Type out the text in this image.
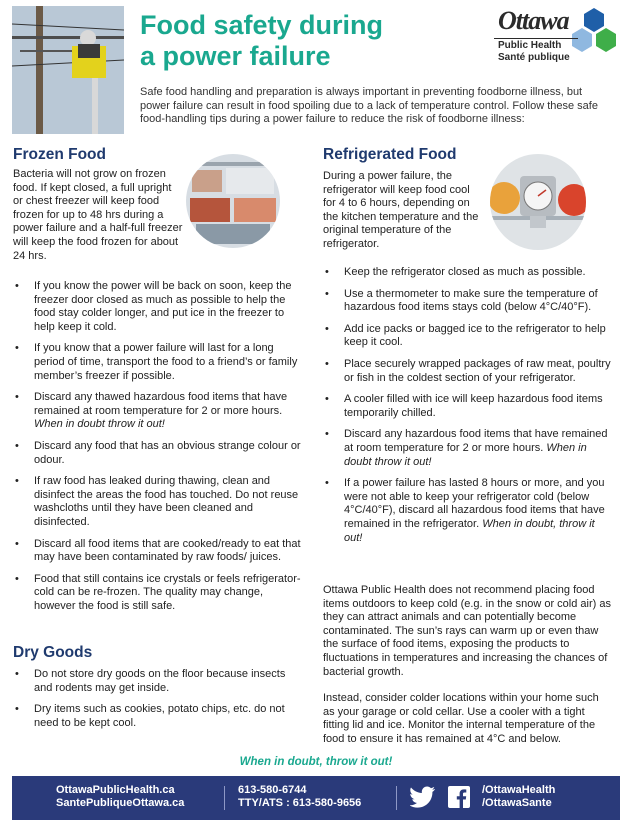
Food safety during
a power failure
Ottawa
Public Health
Santé publique
Safe food handling and preparation is always important in preventing foodborne illness, but power failure can result in food spoiling due to a lack of temperature control. Follow these safe food-handling tips during a power failure to reduce the risk of foodborne illness:
Frozen Food
Bacteria will not grow on frozen food. If kept closed, a full upright or chest freezer will keep food frozen for up to 48 hrs during a power failure and a half-full freezer will keep the food frozen for about 24 hrs.
• If you know the power will be back on soon, keep the freezer door closed as much as possible to help the food stay colder longer, and put ice in the freezer to help keep it cold.
• If you know that a power failure will last for a long period of time, transport the food to a friend’s or family member’s freezer if possible.
• Discard any thawed hazardous food items that have remained at room temperature for 2 or more hours. When in doubt throw it out!
• Discard any food that has an obvious strange colour or odour.
• If raw food has leaked during thawing, clean and disinfect the areas the food has touched. Do not reuse washcloths until they have been cleaned and disinfected.
• Discard all food items that are cooked/ready to eat that may have been contaminated by raw foods/ juices.
• Food that still contains ice crystals or feels refrigerator-cold can be re-frozen. The quality may change, however the food is still safe.
Dry Goods
• Do not store dry goods on the floor because insects and rodents may get inside.
• Dry items such as cookies, potato chips, etc. do not need to be kept cool.
Refrigerated Food
During a power failure, the refrigerator will keep food cool for 4 to 6 hours, depending on the kitchen temperature and the original temperature of the refrigerator.
• Keep the refrigerator closed as much as possible.
• Use a thermometer to make sure the temperature of hazardous food items stays cold (below 4°C/40°F).
• Add ice packs or bagged ice to the refrigerator to help keep it cool.
• Place securely wrapped packages of raw meat, poultry or fish in the coldest section of your refrigerator.
• A cooler filled with ice will keep hazardous food items temporarily chilled.
• Discard any hazardous food items that have remained at room temperature for 2 or more hours. When in doubt throw it out!
• If a power failure has lasted 8 hours or more, and you were not able to keep your refrigerator cold (below 4°C/40°F), discard all hazardous food items that have remained in the refrigerator. When in doubt, throw it out!
Ottawa Public Health does not recommend placing food items outdoors to keep cold (e.g. in the snow or cold air) as they can attract animals and can potentially become contaminated. The sun’s rays can warm up or even thaw the surface of food items, exposing the products to fluctuations in temperatures and increasing the chances of bacterial growth.
Instead, consider colder locations within your home such as your garage or cold cellar. Use a cooler with a tight fitting lid and ice. Monitor the internal temperature of the food to ensure it has remained at 4°C and below.
When in doubt, throw it out!
OttawaPublicHealth.ca
SantePubliqueOttawa.ca
613-580-6744
TTY/ATS : 613-580-9656
/OttawaHealth
/OttawaSante
